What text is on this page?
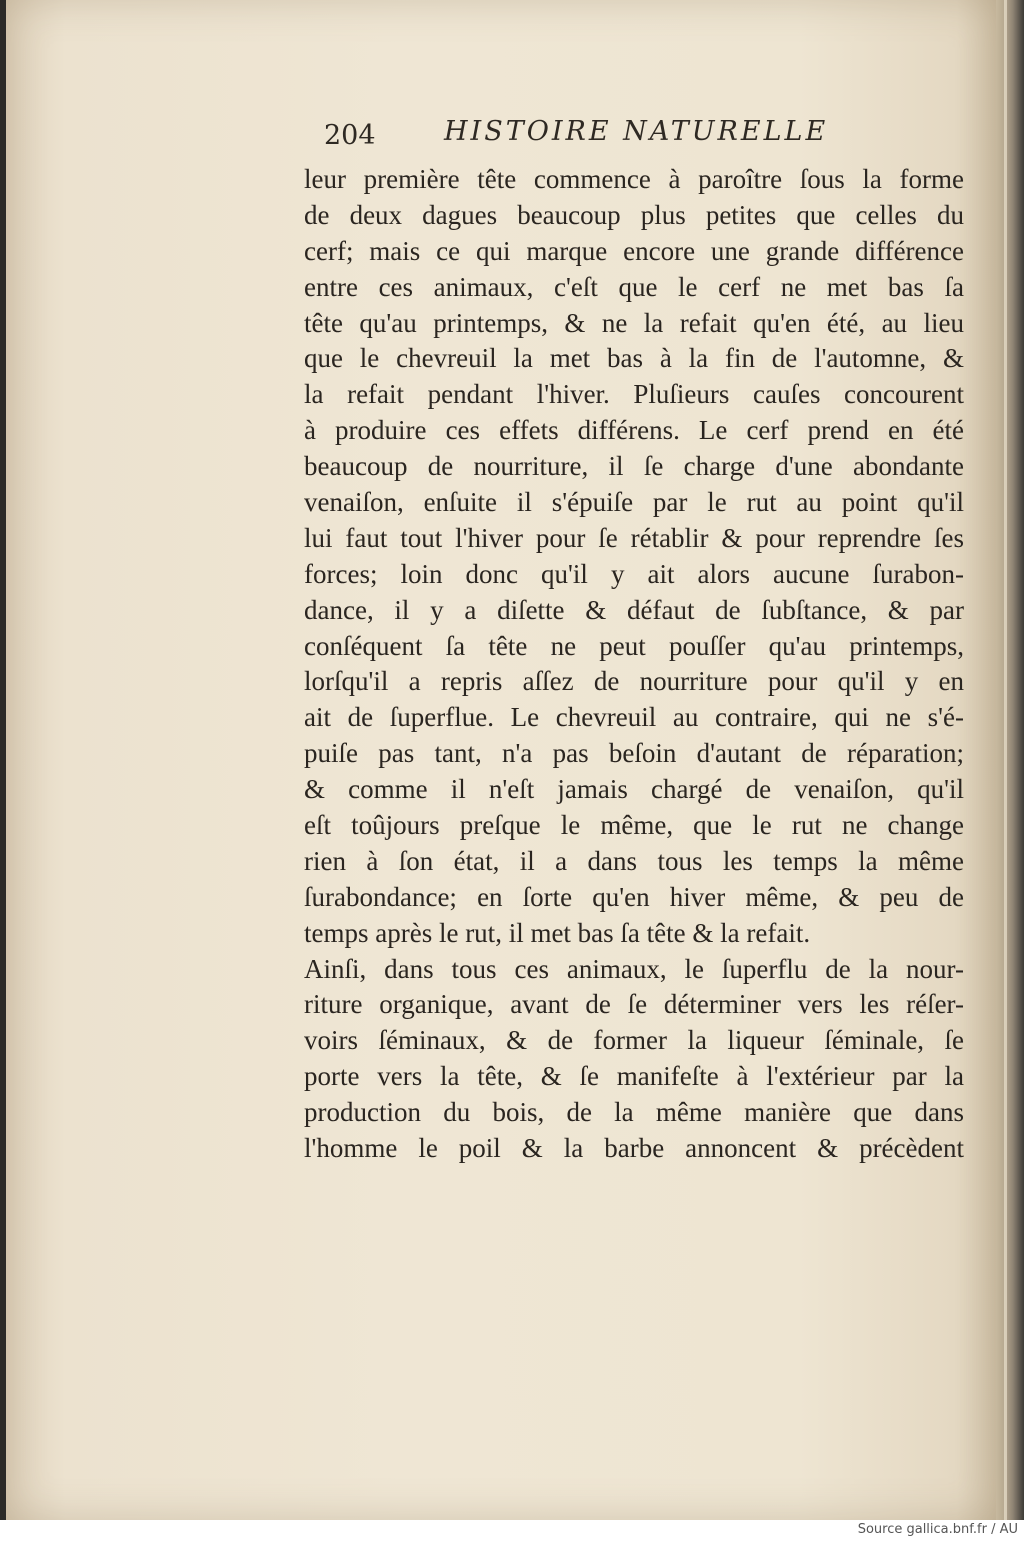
204	HISTOIRE NATURELLE
leur première tête commence à paroître ſous la forme
de deux dagues beaucoup plus petites que celles du
cerf; mais ce qui marque encore une grande différence
entre ces animaux, c'eſt que le cerf ne met bas ſa
tête qu'au printemps, & ne la refait qu'en été, au lieu
que le chevreuil la met bas à la fin de l'automne, &
la refait pendant l'hiver. Pluſieurs cauſes concourent
à produire ces effets différens. Le cerf prend en été
beaucoup de nourriture, il ſe charge d'une abondante
venaiſon, enſuite il s'épuiſe par le rut au point qu'il
lui faut tout l'hiver pour ſe rétablir & pour reprendre ſes
forces; loin donc qu'il y ait alors aucune ſurabon-
dance, il y a diſette & défaut de ſubſtance, & par
conſéquent ſa tête ne peut pouſſer qu'au printemps,
lorſqu'il a repris aſſez de nourriture pour qu'il y en
ait de ſuperflue. Le chevreuil au contraire, qui ne s'é-
puiſe pas tant, n'a pas beſoin d'autant de réparation;
& comme il n'eſt jamais chargé de venaiſon, qu'il
eſt toûjours preſque le même, que le rut ne change
rien à ſon état, il a dans tous les temps la même
ſurabondance; en ſorte qu'en hiver même, & peu de
temps après le rut, il met bas ſa tête & la refait.
Ainſi, dans tous ces animaux, le ſuperflu de la nour-
riture organique, avant de ſe déterminer vers les réſer-
voirs ſéminaux, & de former la liqueur ſéminale, ſe
porte vers la tête, & ſe manifeſte à l'extérieur par la
production du bois, de la même manière que dans
l'homme le poil & la barbe annoncent & précèdent
Source gallica.bnf.fr / AU
